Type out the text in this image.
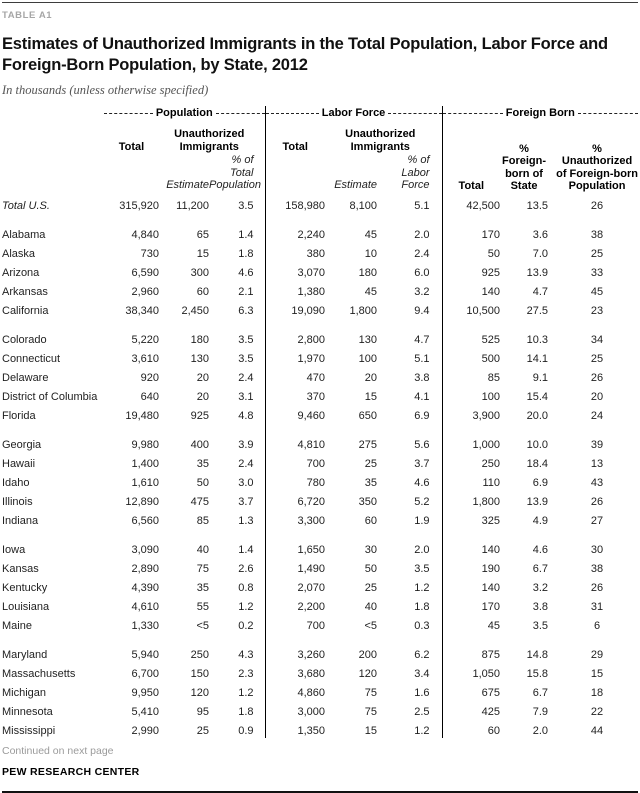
TABLE A1
Estimates of Unauthorized Immigrants in the Total Population, Labor Force and Foreign-Born Population, by State, 2012
In thousands (unless otherwise specified)

	Population			Labor Force			Foreign Born		

	Total	Unauthorized Immigrants		Total	Unauthorized Immigrants		Total	% Foreign-born of State	% Unauthorized of Foreign-born Population
		Estimate	% of Total Population		Estimate	% of Labor Force			
Total U.S.	315,920	11,200	3.5	158,980	8,100	5.1	42,500	13.5	26

Alabama	4,840	65	1.4	2,240	45	2.0	170	3.6	38
Alaska	730	15	1.8	380	10	2.4	50	7.0	25
Arizona	6,590	300	4.6	3,070	180	6.0	925	13.9	33
Arkansas	2,960	60	2.1	1,380	45	3.2	140	4.7	45
California	38,340	2,450	6.3	19,090	1,800	9.4	10,500	27.5	23

Colorado	5,220	180	3.5	2,800	130	4.7	525	10.3	34
Connecticut	3,610	130	3.5	1,970	100	5.1	500	14.1	25
Delaware	920	20	2.4	470	20	3.8	85	9.1	26
District of Columbia	640	20	3.1	370	15	4.1	100	15.4	20
Florida	19,480	925	4.8	9,460	650	6.9	3,900	20.0	24

Georgia	9,980	400	3.9	4,810	275	5.6	1,000	10.0	39
Hawaii	1,400	35	2.4	700	25	3.7	250	18.4	13
Idaho	1,610	50	3.0	780	35	4.6	110	6.9	43
Illinois	12,890	475	3.7	6,720	350	5.2	1,800	13.9	26
Indiana	6,560	85	1.3	3,300	60	1.9	325	4.9	27

Iowa	3,090	40	1.4	1,650	30	2.0	140	4.6	30
Kansas	2,890	75	2.6	1,490	50	3.5	190	6.7	38
Kentucky	4,390	35	0.8	2,070	25	1.2	140	3.2	26
Louisiana	4,610	55	1.2	2,200	40	1.8	170	3.8	31
Maine	1,330	<5	0.2	700	<5	0.3	45	3.5	6

Maryland	5,940	250	4.3	3,260	200	6.2	875	14.8	29
Massachusetts	6,700	150	2.3	3,680	120	3.4	1,050	15.8	15
Michigan	9,950	120	1.2	4,860	75	1.6	675	6.7	18
Minnesota	5,410	95	1.8	3,000	75	2.5	425	7.9	22
Mississippi	2,990	25	0.9	1,350	15	1.2	60	2.0	44
Continued on next page
PEW RESEARCH CENTER
